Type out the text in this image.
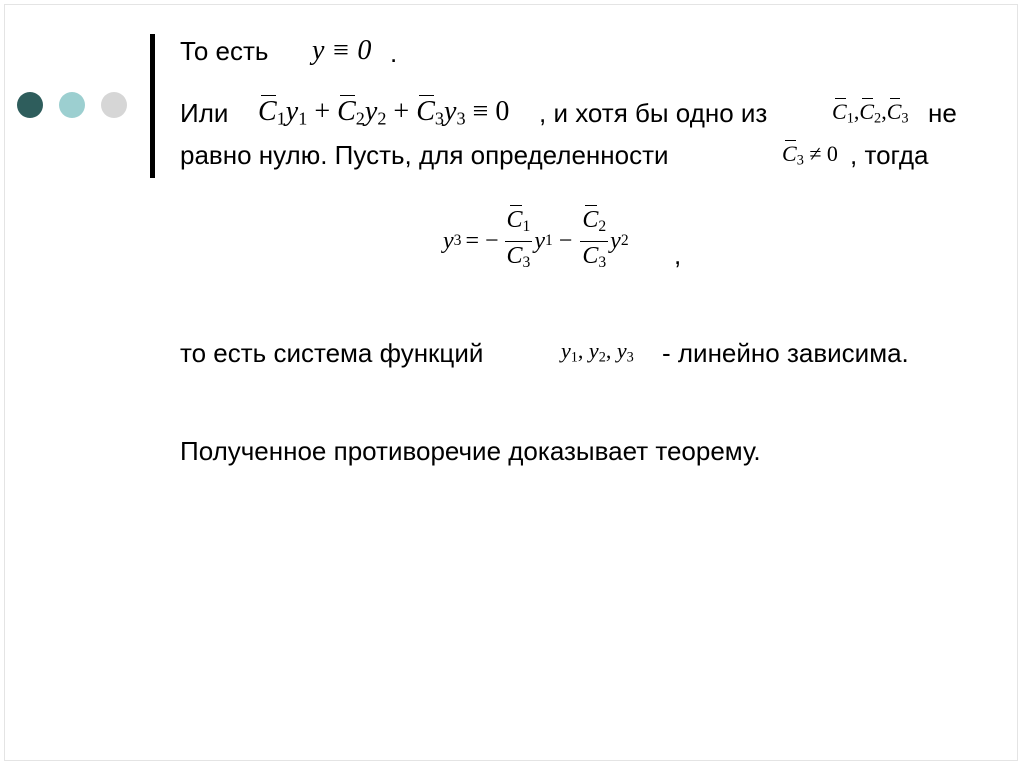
То есть y ≡ 0 .
Или $C_1y_1 + C_2y_2 + C_3y_3 \equiv 0$ , и хотя бы одно из	$C_1,C_2,C_3$ не
равно нулю. Пусть, для определенности	$C_3 \ne 0$ , тогда
y 3 = − $\frac{C_1}{C_3}$ y $1 - \frac{C_2}{C_3}$ y 2 ,
то есть система функций	$y_1$, $y_2$, $y_3$ - линейно зависима.
Полученное противоречие доказывает теорему.
